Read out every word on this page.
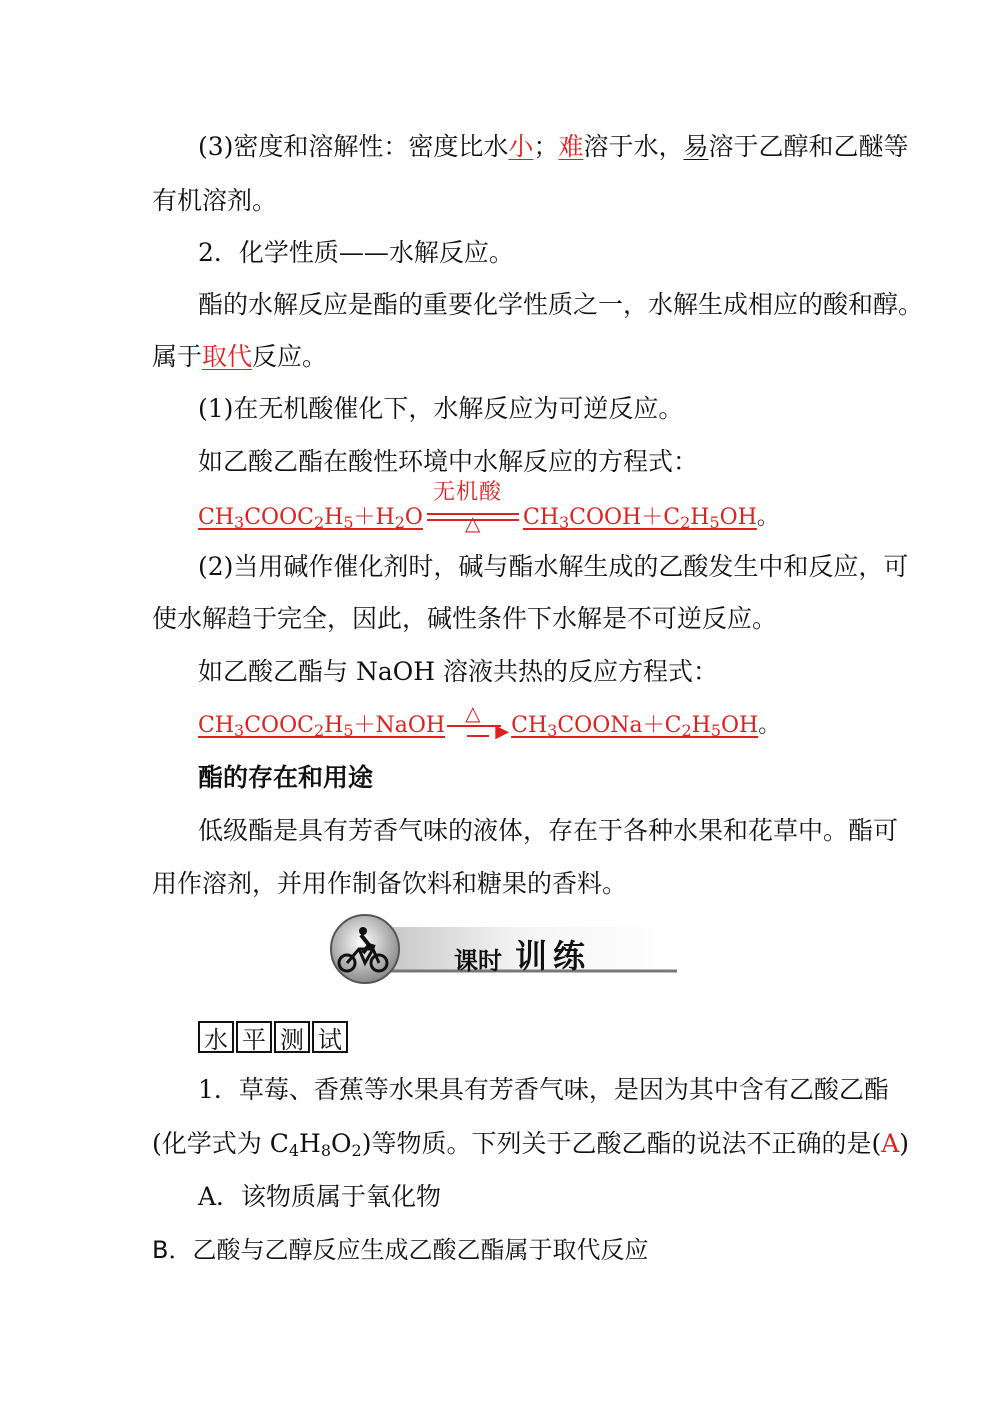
(3)密度和溶解性：密度比水小；难溶于水，易溶于乙醇和乙醚等
有机溶剂。
2．化学性质——水解反应。
酯的水解反应是酯的重要化学性质之一，水解生成相应的酸和醇。
属于取代反应。
(1)在无机酸催化下，水解反应为可逆反应。
如乙酸乙酯在酸性环境中水解反应的方程式：
$CH_3COOC_2H_5+H_2O$
无机酸
△ $CH_3COOH+C_2H_5OH$。
(2)当用碱作催化剂时，碱与酯水解生成的乙酸发生中和反应，可
使水解趋于完全，因此，碱性条件下水解是不可逆反应。
如乙酸乙酯与 NaOH 溶液共热的反应方程式：
$CH_3COOC_2H_5+NaOH$ △
▶ $CH_3COONa+C_2H_5OH$。
酯的存在和用途
低级酯是具有芳香气味的液体，存在于各种水果和花草中。酯可
用作溶剂，并用作制备饮料和糖果的香料。
课时 训练
水 平 测 试
1．草莓、香蕉等水果具有芳香气味，是因为其中含有乙酸乙酯
(化学式为 $C_4H_8O_2$)等物质。下列关于乙酸乙酯的说法不正确的是(A)
A．该物质属于氧化物
B．乙酸与乙醇反应生成乙酸乙酯属于取代反应
